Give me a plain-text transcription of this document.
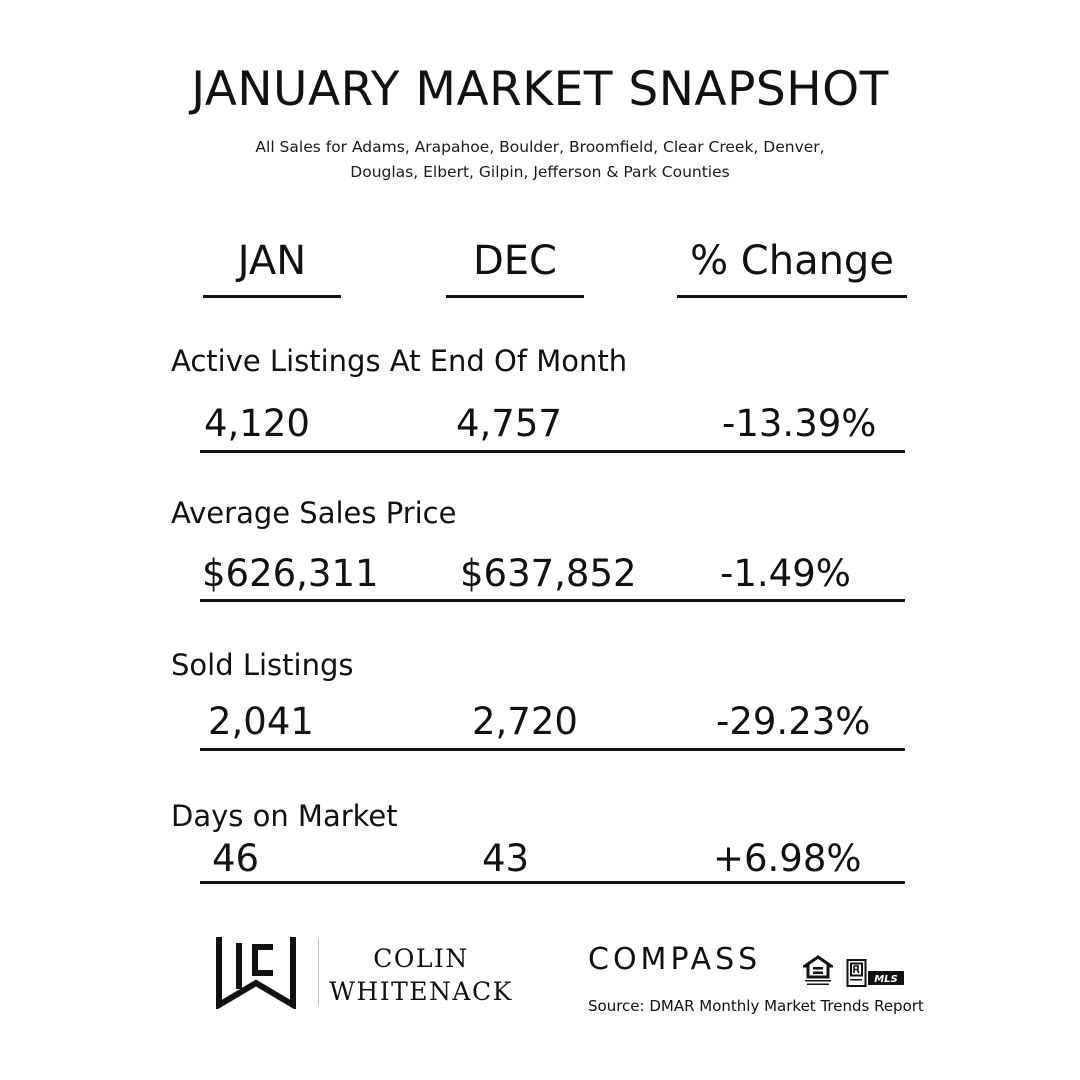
JANUARY MARKET SNAPSHOT
All Sales for Adams, Arapahoe, Boulder, Broomfield, Clear Creek, Denver,
Douglas, Elbert, Gilpin, Jefferson & Park Counties
JAN	DEC	% Change
Active Listings At End Of Month
4,120	4,757	-13.39%
Average Sales Price
$626,311 $637,852 -1.49%
Sold Listings
2,041	2,720	-29.23%
Days on Market
46	43	+6.98%
COLIN
WHITENACK
COMPASS
MLS
Source: DMAR Monthly Market Trends Report
